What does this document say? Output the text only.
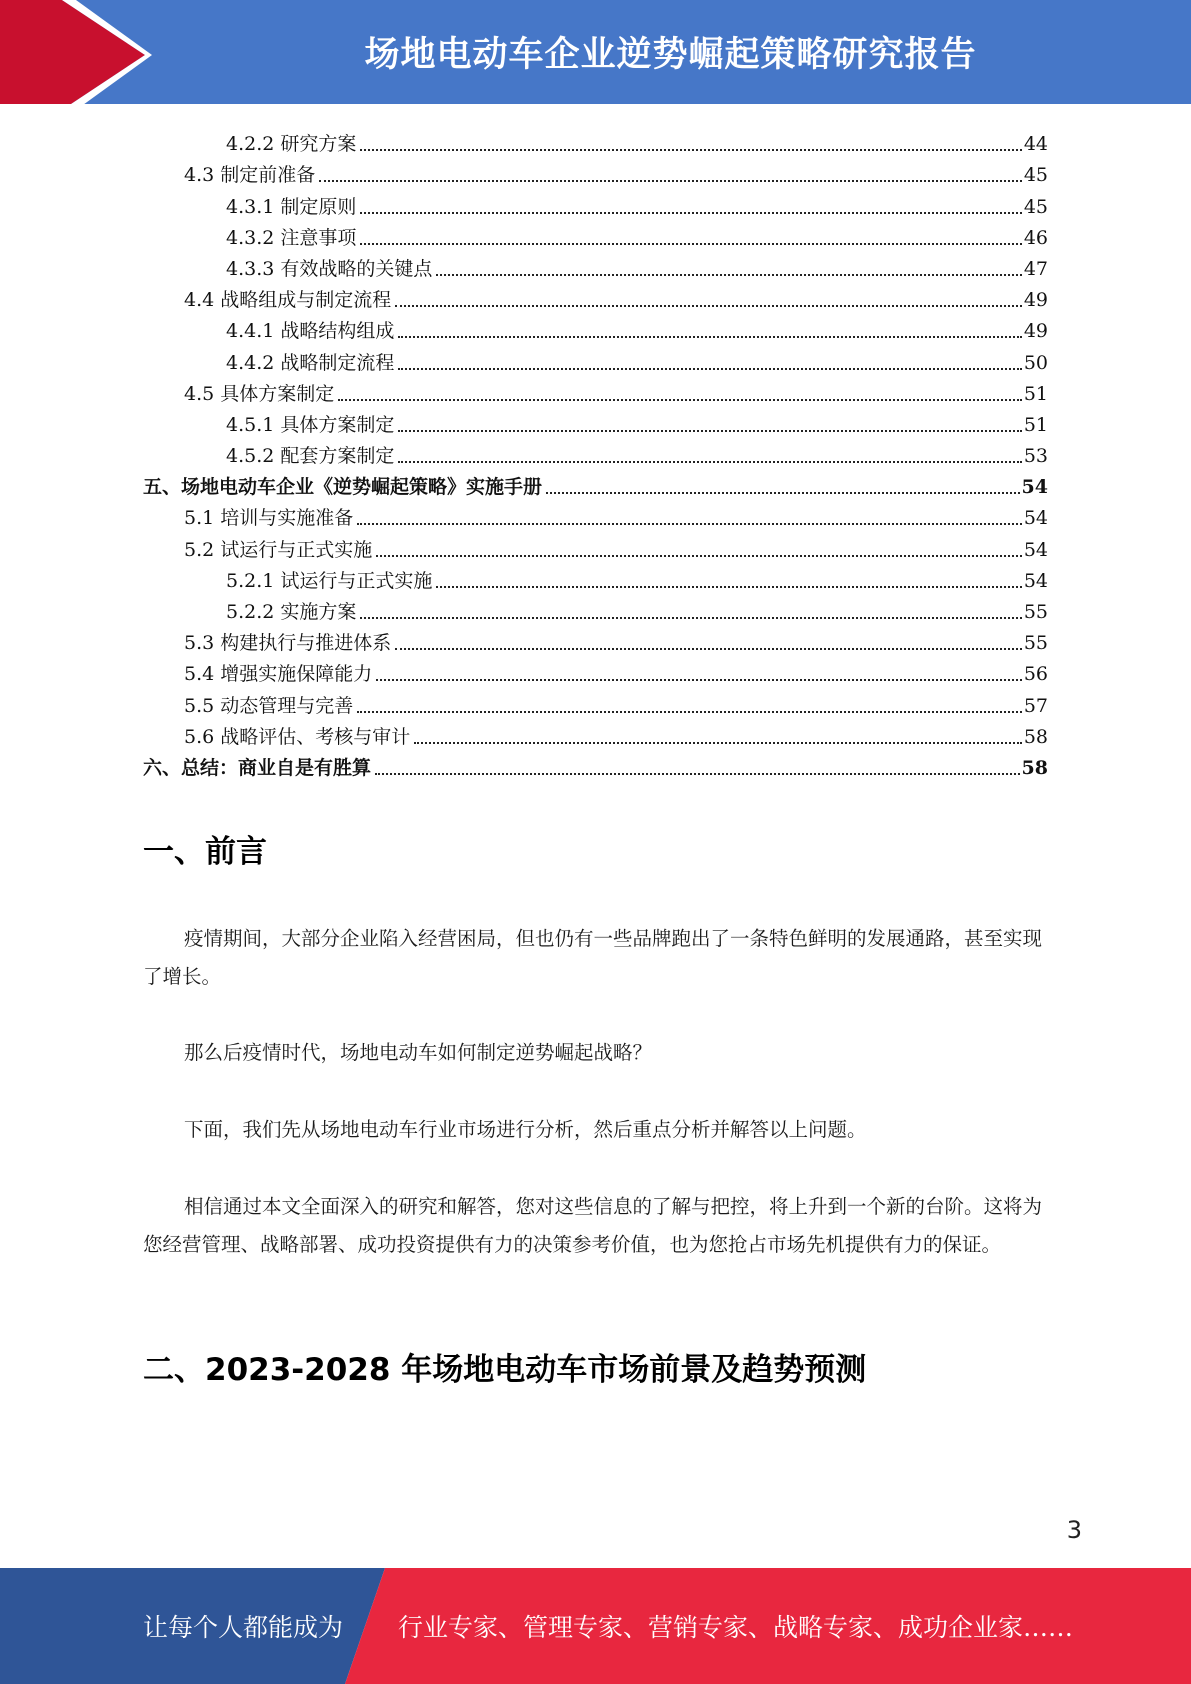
场地电动车企业逆势崛起策略研究报告
4.2.2 研究方案	44
4.3 制定前准备	45
4.3.1 制定原则	45
4.3.2 注意事项	46
4.3.3 有效战略的关键点	47
4.4 战略组成与制定流程	49
4.4.1 战略结构组成	49
4.4.2 战略制定流程	50
4.5 具体方案制定	51
4.5.1 具体方案制定	51
4.5.2 配套方案制定	53
五、场地电动车企业《逆势崛起策略》实施手册	54
5.1 培训与实施准备	54
5.2 试运行与正式实施	54
5.2.1 试运行与正式实施	54
5.2.2 实施方案	55
5.3 构建执行与推进体系	55
5.4 增强实施保障能力	56
5.5 动态管理与完善	57
5.6 战略评估、考核与审计	58
六、总结：商业自是有胜算	58
一、前言

疫情期间，大部分企业陷入经营困局，但也仍有一些品牌跑出了一条特色鲜明的发展通路，甚至实现了增长。

那么后疫情时代，场地电动车如何制定逆势崛起战略？

下面，我们先从场地电动车行业市场进行分析，然后重点分析并解答以上问题。

相信通过本文全面深入的研究和解答，您对这些信息的了解与把控，将上升到一个新的台阶。这将为您经营管理、战略部署、成功投资提供有力的决策参考价值，也为您抢占市场先机提供有力的保证。

二、2023-2028 年场地电动车市场前景及趋势预测
3
让每个人都能成为 行业专家、管理专家、营销专家、战略专家、成功企业家……
